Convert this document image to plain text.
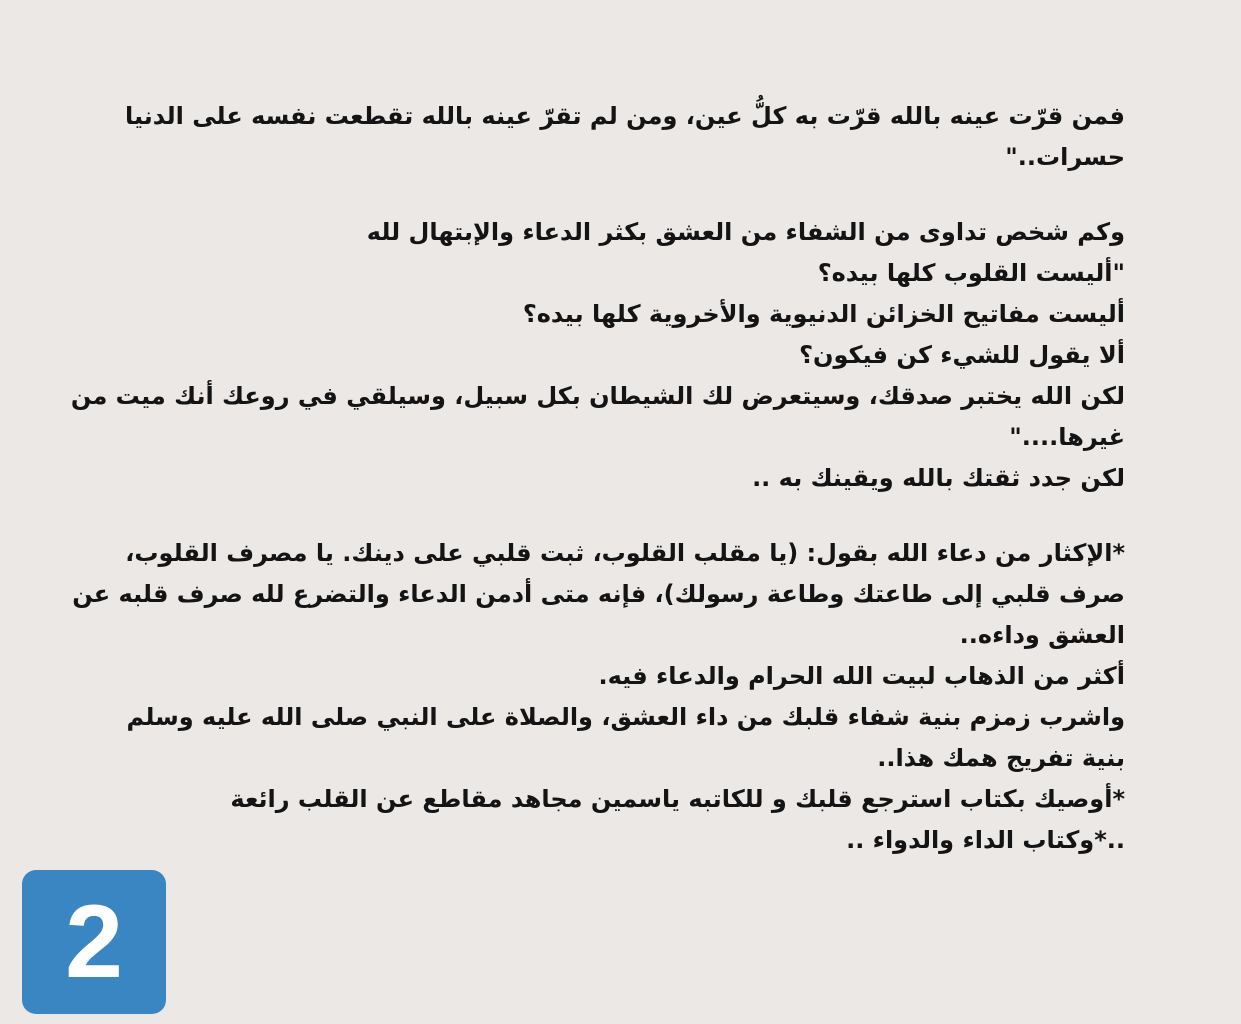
فمن قرّت عينه بالله قرّت به كلُّ عين، ومن لم تقرّ عينه بالله تقطعت نفسه على الدنيا
حسرات.."
وكم شخص تداوى من الشفاء من العشق بكثر الدعاء والإبتهال لله
"أليست القلوب كلها بيده؟
أليست مفاتيح الخزائن الدنيوية والأخروية كلها بيده؟
ألا يقول للشيء كن فيكون؟
لكن الله يختبر صدقك، وسيتعرض لك الشيطان بكل سبيل، وسيلقي في روعك أنك ميت من
غيرها...."
لكن جدد ثقتك بالله ويقينك به ..
*الإكثار من دعاء الله بقول: (يا مقلب القلوب، ثبت قلبي على دينك. يا مصرف القلوب،
صرف قلبي إلى طاعتك وطاعة رسولك)، فإنه متى أدمن الدعاء والتضرع لله صرف قلبه عن
العشق وداءه..
أكثر من الذهاب لبيت الله الحرام والدعاء فيه.
واشرب زمزم بنية شفاء قلبك من داء العشق، والصلاة على النبي صلى الله عليه وسلم
بنية تفريج همك هذا..
*أوصيك بكتاب استرجع قلبك و للكاتبه ياسمين مجاهد مقاطع عن القلب رائعة
..*وكتاب الداء والدواء ..
2
